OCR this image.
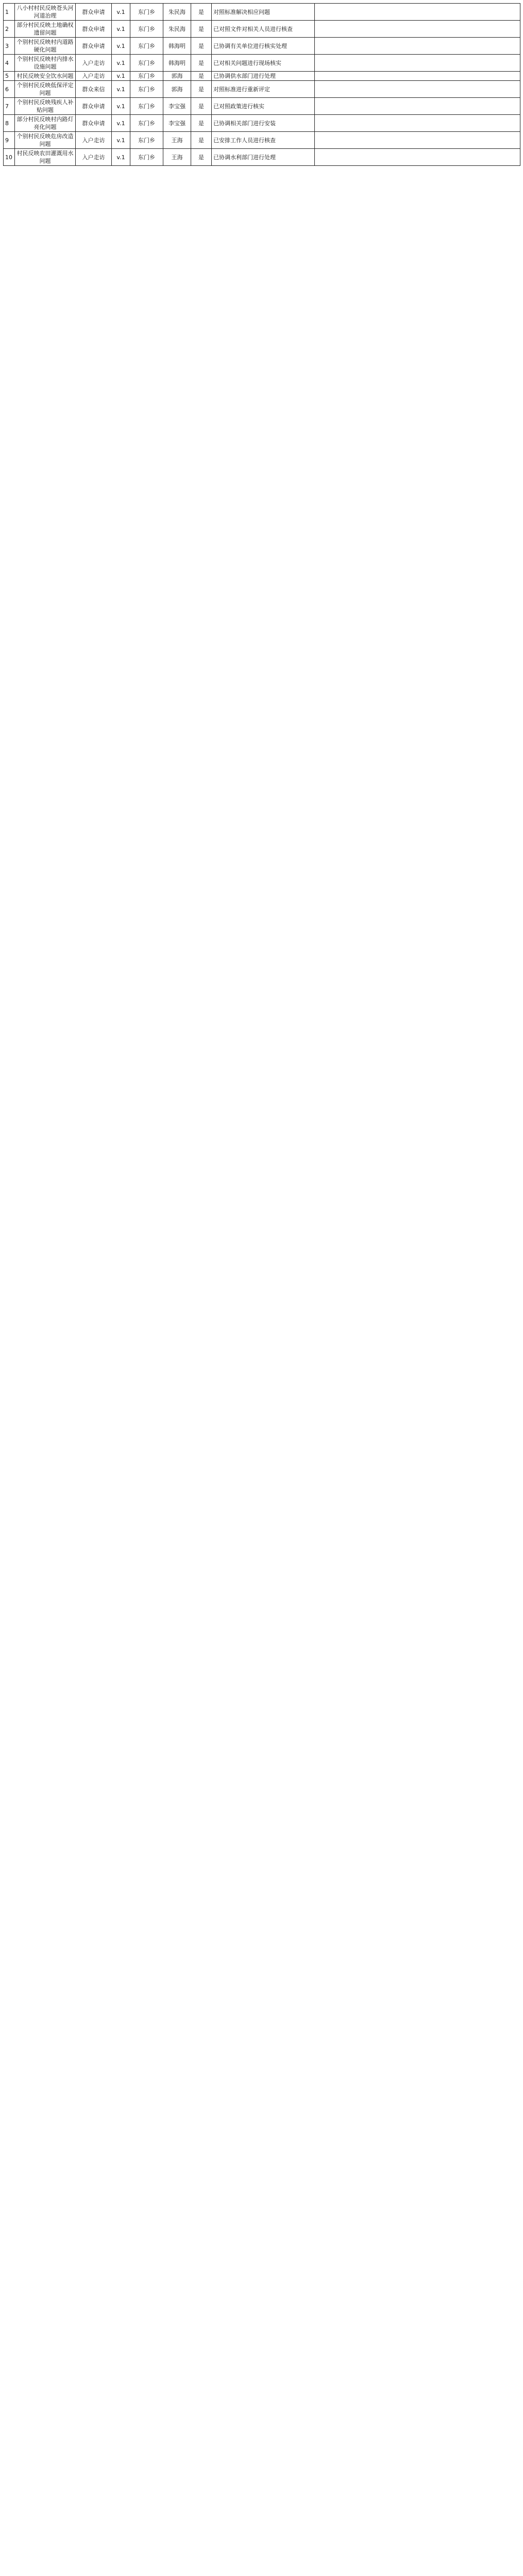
1	八小村村民反映苍头河河道治理	群众申请	v.1	东门乡	朱民海	是	对照标准解决相应问题	
2	部分村民反映土地确权遗留问题	群众申请	v.1	东门乡	朱民海	是	已对照文件对相关人员进行核查	
3	个别村民反映村内道路硬化问题	群众申请	v.1	东门乡	韩海明	是	已协调有关单位进行核实处理	
4	个别村民反映村内排水设施问题	入户走访	v.1	东门乡	韩海明	是	已对相关问题进行现场核实	
5	村民反映安全饮水问题	入户走访	v.1	东门乡	郭海	是	已协调供水部门进行处理	
6	个别村民反映低保评定问题	群众来信	v.1	东门乡	郭海	是	对照标准进行重新评定	
7	个别村民反映残疾人补贴问题	群众申请	v.1	东门乡	李宝强	是	已对照政策进行核实	
8	部分村民反映村内路灯亮化问题	群众申请	v.1	东门乡	李宝强	是	已协调相关部门进行安装	
9	个别村民反映危房改造问题	入户走访	v.1	东门乡	王海	是	已安排工作人员进行核查	
10	村民反映农田灌溉用水问题	入户走访	v.1	东门乡	王海	是	已协调水利部门进行处理	
